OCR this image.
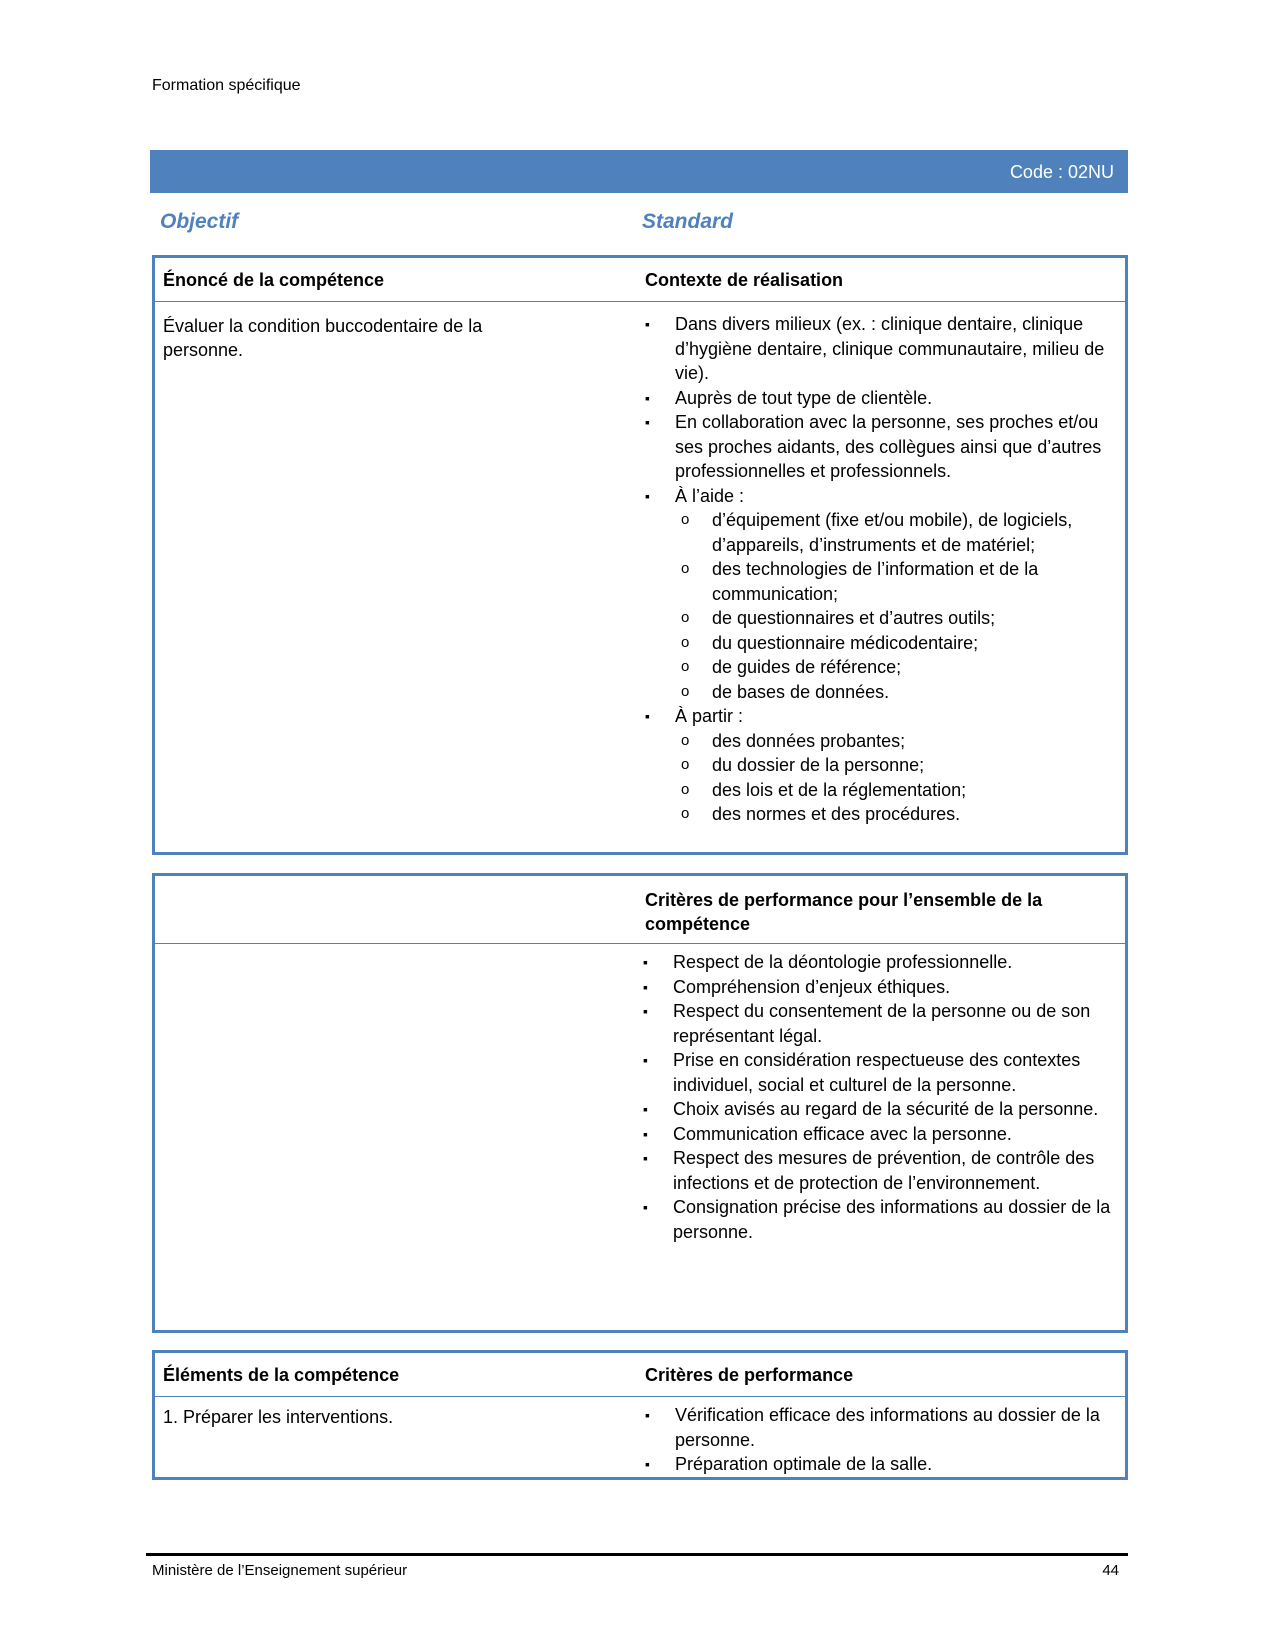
Formation spécifique
Code : 02NU
Objectif	Standard
Énoncé de la compétence	Contexte de réalisation
Évaluer la condition buccodentaire de la personne.
▪ Dans divers milieux (ex. : clinique dentaire, clinique d’hygiène dentaire, clinique communautaire, milieu de vie).
▪ Auprès de tout type de clientèle.
▪ En collaboration avec la personne, ses proches et/ou ses proches aidants, des collègues ainsi que d’autres professionnelles et professionnels.
▪ À l’aide :
o d’équipement (fixe et/ou mobile), de logiciels, d’appareils, d’instruments et de matériel;
o des technologies de l’information et de la communication;
o de questionnaires et d’autres outils;
o du questionnaire médicodentaire;
o de guides de référence;
o de bases de données.
▪ À partir :
o des données probantes;
o du dossier de la personne;
o des lois et de la réglementation;
o des normes et des procédures.
Critères de performance pour l’ensemble de la compétence
▪ Respect de la déontologie professionnelle.
▪ Compréhension d’enjeux éthiques.
▪ Respect du consentement de la personne ou de son représentant légal.
▪ Prise en considération respectueuse des contextes individuel, social et culturel de la personne.
▪ Choix avisés au regard de la sécurité de la personne.
▪ Communication efficace avec la personne.
▪ Respect des mesures de prévention, de contrôle des infections et de protection de l’environnement.
▪ Consignation précise des informations au dossier de la personne.
Éléments de la compétence	Critères de performance
1. Préparer les interventions.
▪	Vérification efficace des informations au dossier de la personne.
▪ Préparation optimale de la salle.
Ministère de l’Enseignement supérieur	44
